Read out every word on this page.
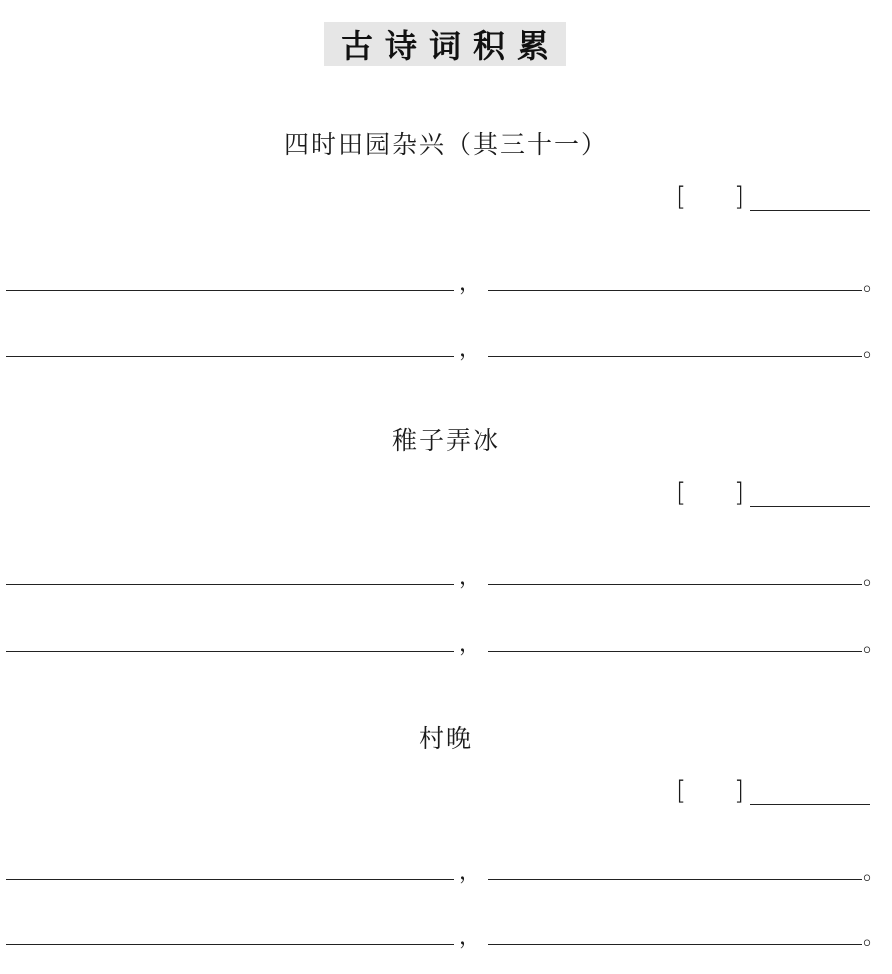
古诗词积累
四时田园杂兴（其三十一）
[ ]
，	。
，	。
稚子弄冰
[ ]
，	。
，	。
村晚
[ ]
，	。
，	。
